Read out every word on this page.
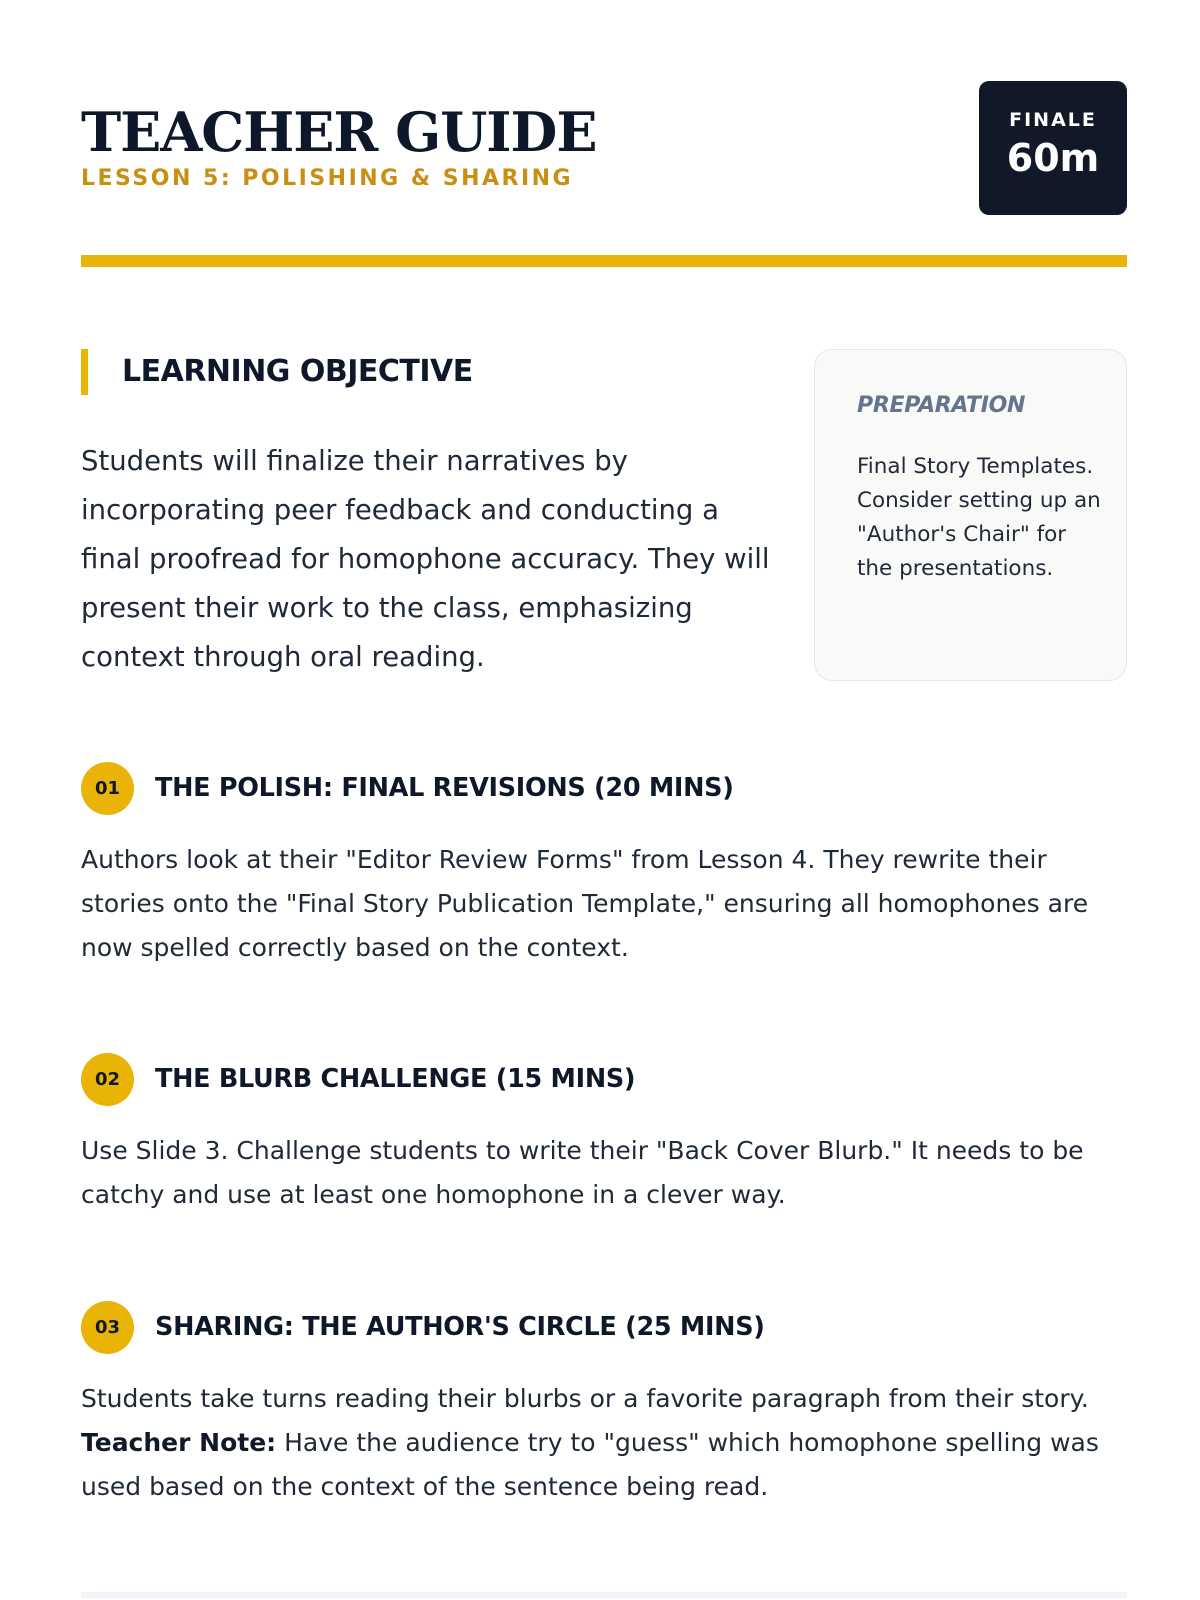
TEACHER GUIDE
LESSON 5: POLISHING & SHARING
FINALE
60m
LEARNING OBJECTIVE

Students will finalize their narratives by incorporating peer feedback and conducting a final proofread for homophone accuracy. They will present their work to the class, emphasizing context through oral reading.

PREPARATION

Final Story Templates. Consider setting up an "Author's Chair" for the presentations.

01	THE POLISH: FINAL REVISIONS (20 MINS)

Authors look at their "Editor Review Forms" from Lesson 4. They rewrite their stories onto the "Final Story Publication Template," ensuring all homophones are now spelled correctly based on the context.

02	THE BLURB CHALLENGE (15 MINS)

Use Slide 3. Challenge students to write their "Back Cover Blurb." It needs to be catchy and use at least one homophone in a clever way.

03	SHARING: THE AUTHOR'S CIRCLE (25 MINS)

Students take turns reading their blurbs or a favorite paragraph from their story.
Teacher Note: Have the audience try to "guess" which homophone spelling was used based on the context of the sentence being read.
